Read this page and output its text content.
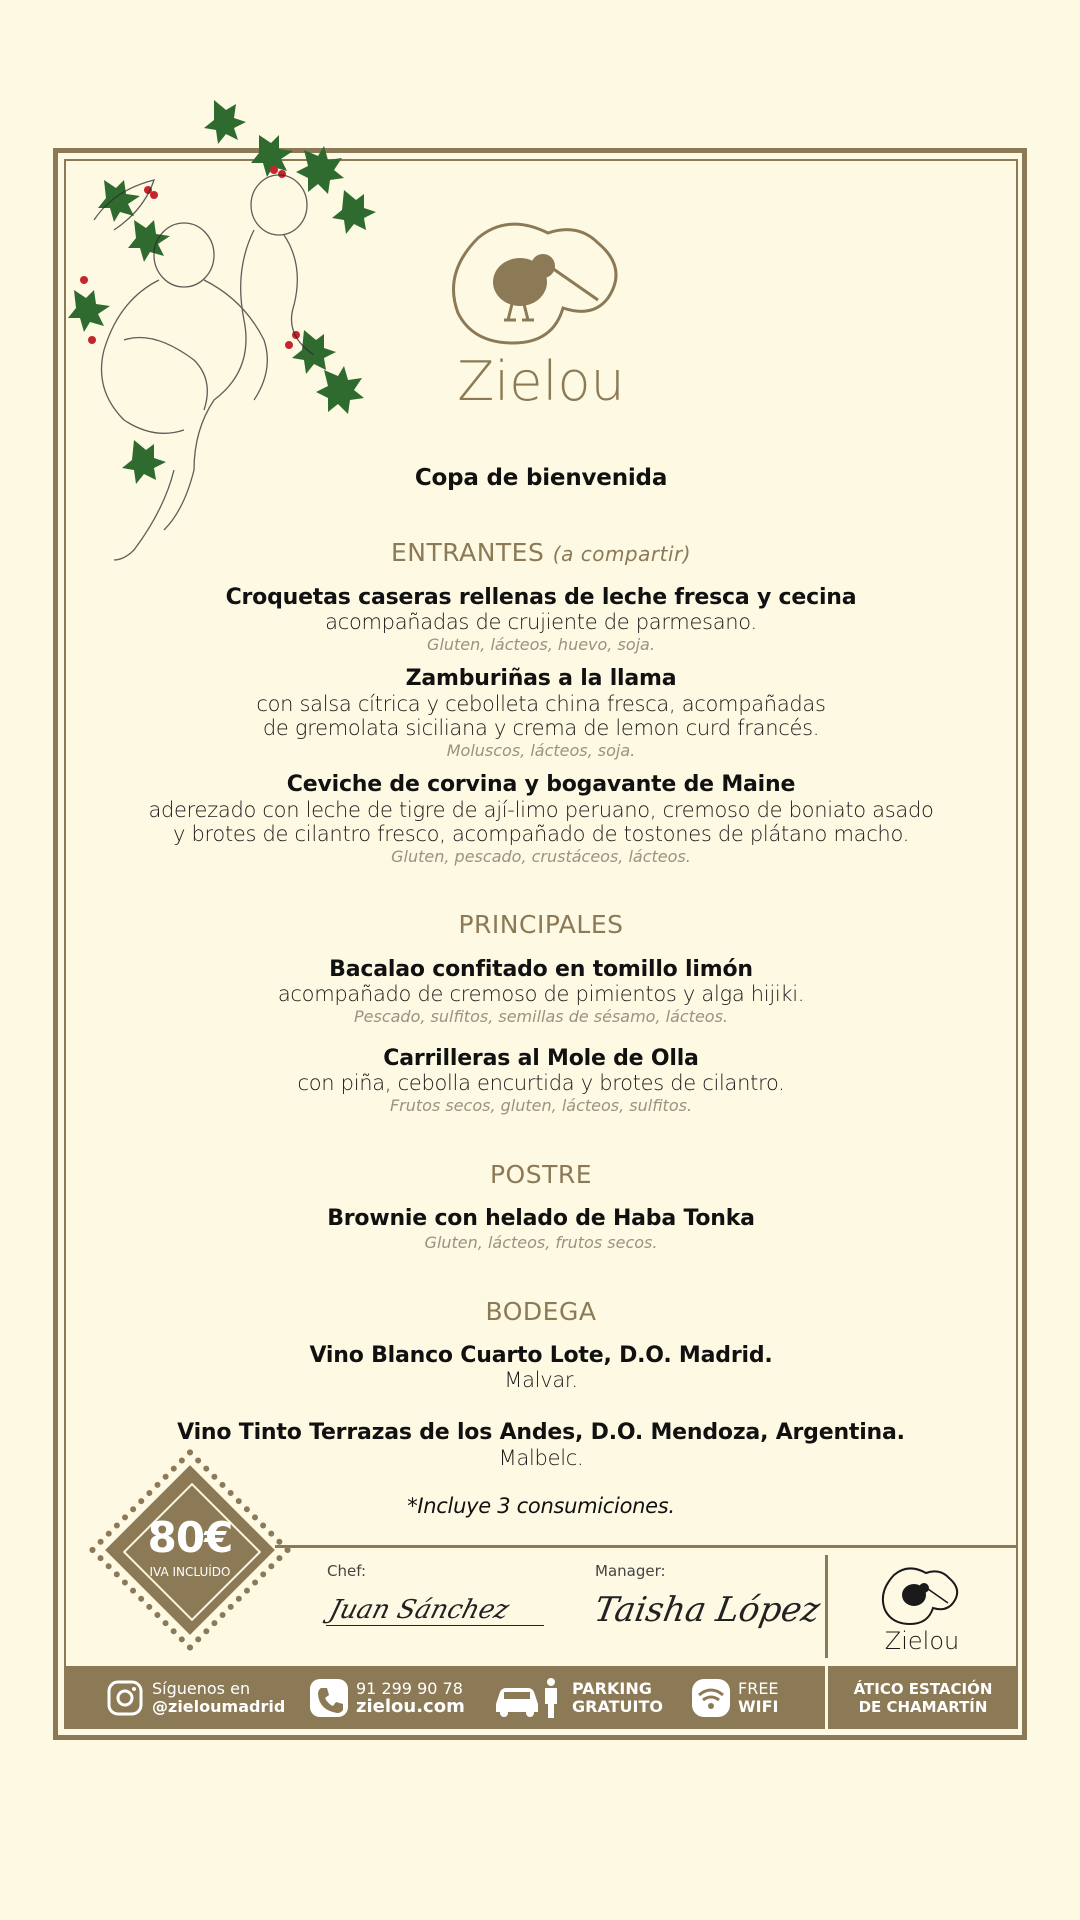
Zielou
Copa de bienvenida
ENTRANTES (a compartir)
Croquetas caseras rellenas de leche fresca y cecina
acompañadas de crujiente de parmesano.
Gluten, lácteos, huevo, soja.
Zamburiñas a la llama
con salsa cítrica y cebolleta china fresca, acompañadas
de gremolata siciliana y crema de lemon curd francés.
Moluscos, lácteos, soja.
Ceviche de corvina y bogavante de Maine
aderezado con leche de tigre de ají-limo peruano, cremoso de boniato asado
y brotes de cilantro fresco, acompañado de tostones de plátano macho.
Gluten, pescado, crustáceos, lácteos.
PRINCIPALES
Bacalao confitado en tomillo limón
acompañado de cremoso de pimientos y alga hijiki.
Pescado, sulfitos, semillas de sésamo, lácteos.
Carrilleras al Mole de Olla
con piña, cebolla encurtida y brotes de cilantro.
Frutos secos, gluten, lácteos, sulfitos.
POSTRE
Brownie con helado de Haba Tonka
Gluten, lácteos, frutos secos.
BODEGA
Vino Blanco Cuarto Lote, D.O. Madrid.
Malvar.
Vino Tinto Terrazas de los Andes, D.O. Mendoza, Argentina.
Malbelc.
*Incluye 3 consumiciones.
80€
IVA INCLUÍDO	Chef:
Juan Sánchez
Manager:
Taisha López
Zielou
Síguenos en
@zieloumadrid
91 299 90 78
zielou.com
PARKING
GRATUITO
FREE
WIFI
ÁTICO ESTACIÓN
DE CHAMARTÍN
